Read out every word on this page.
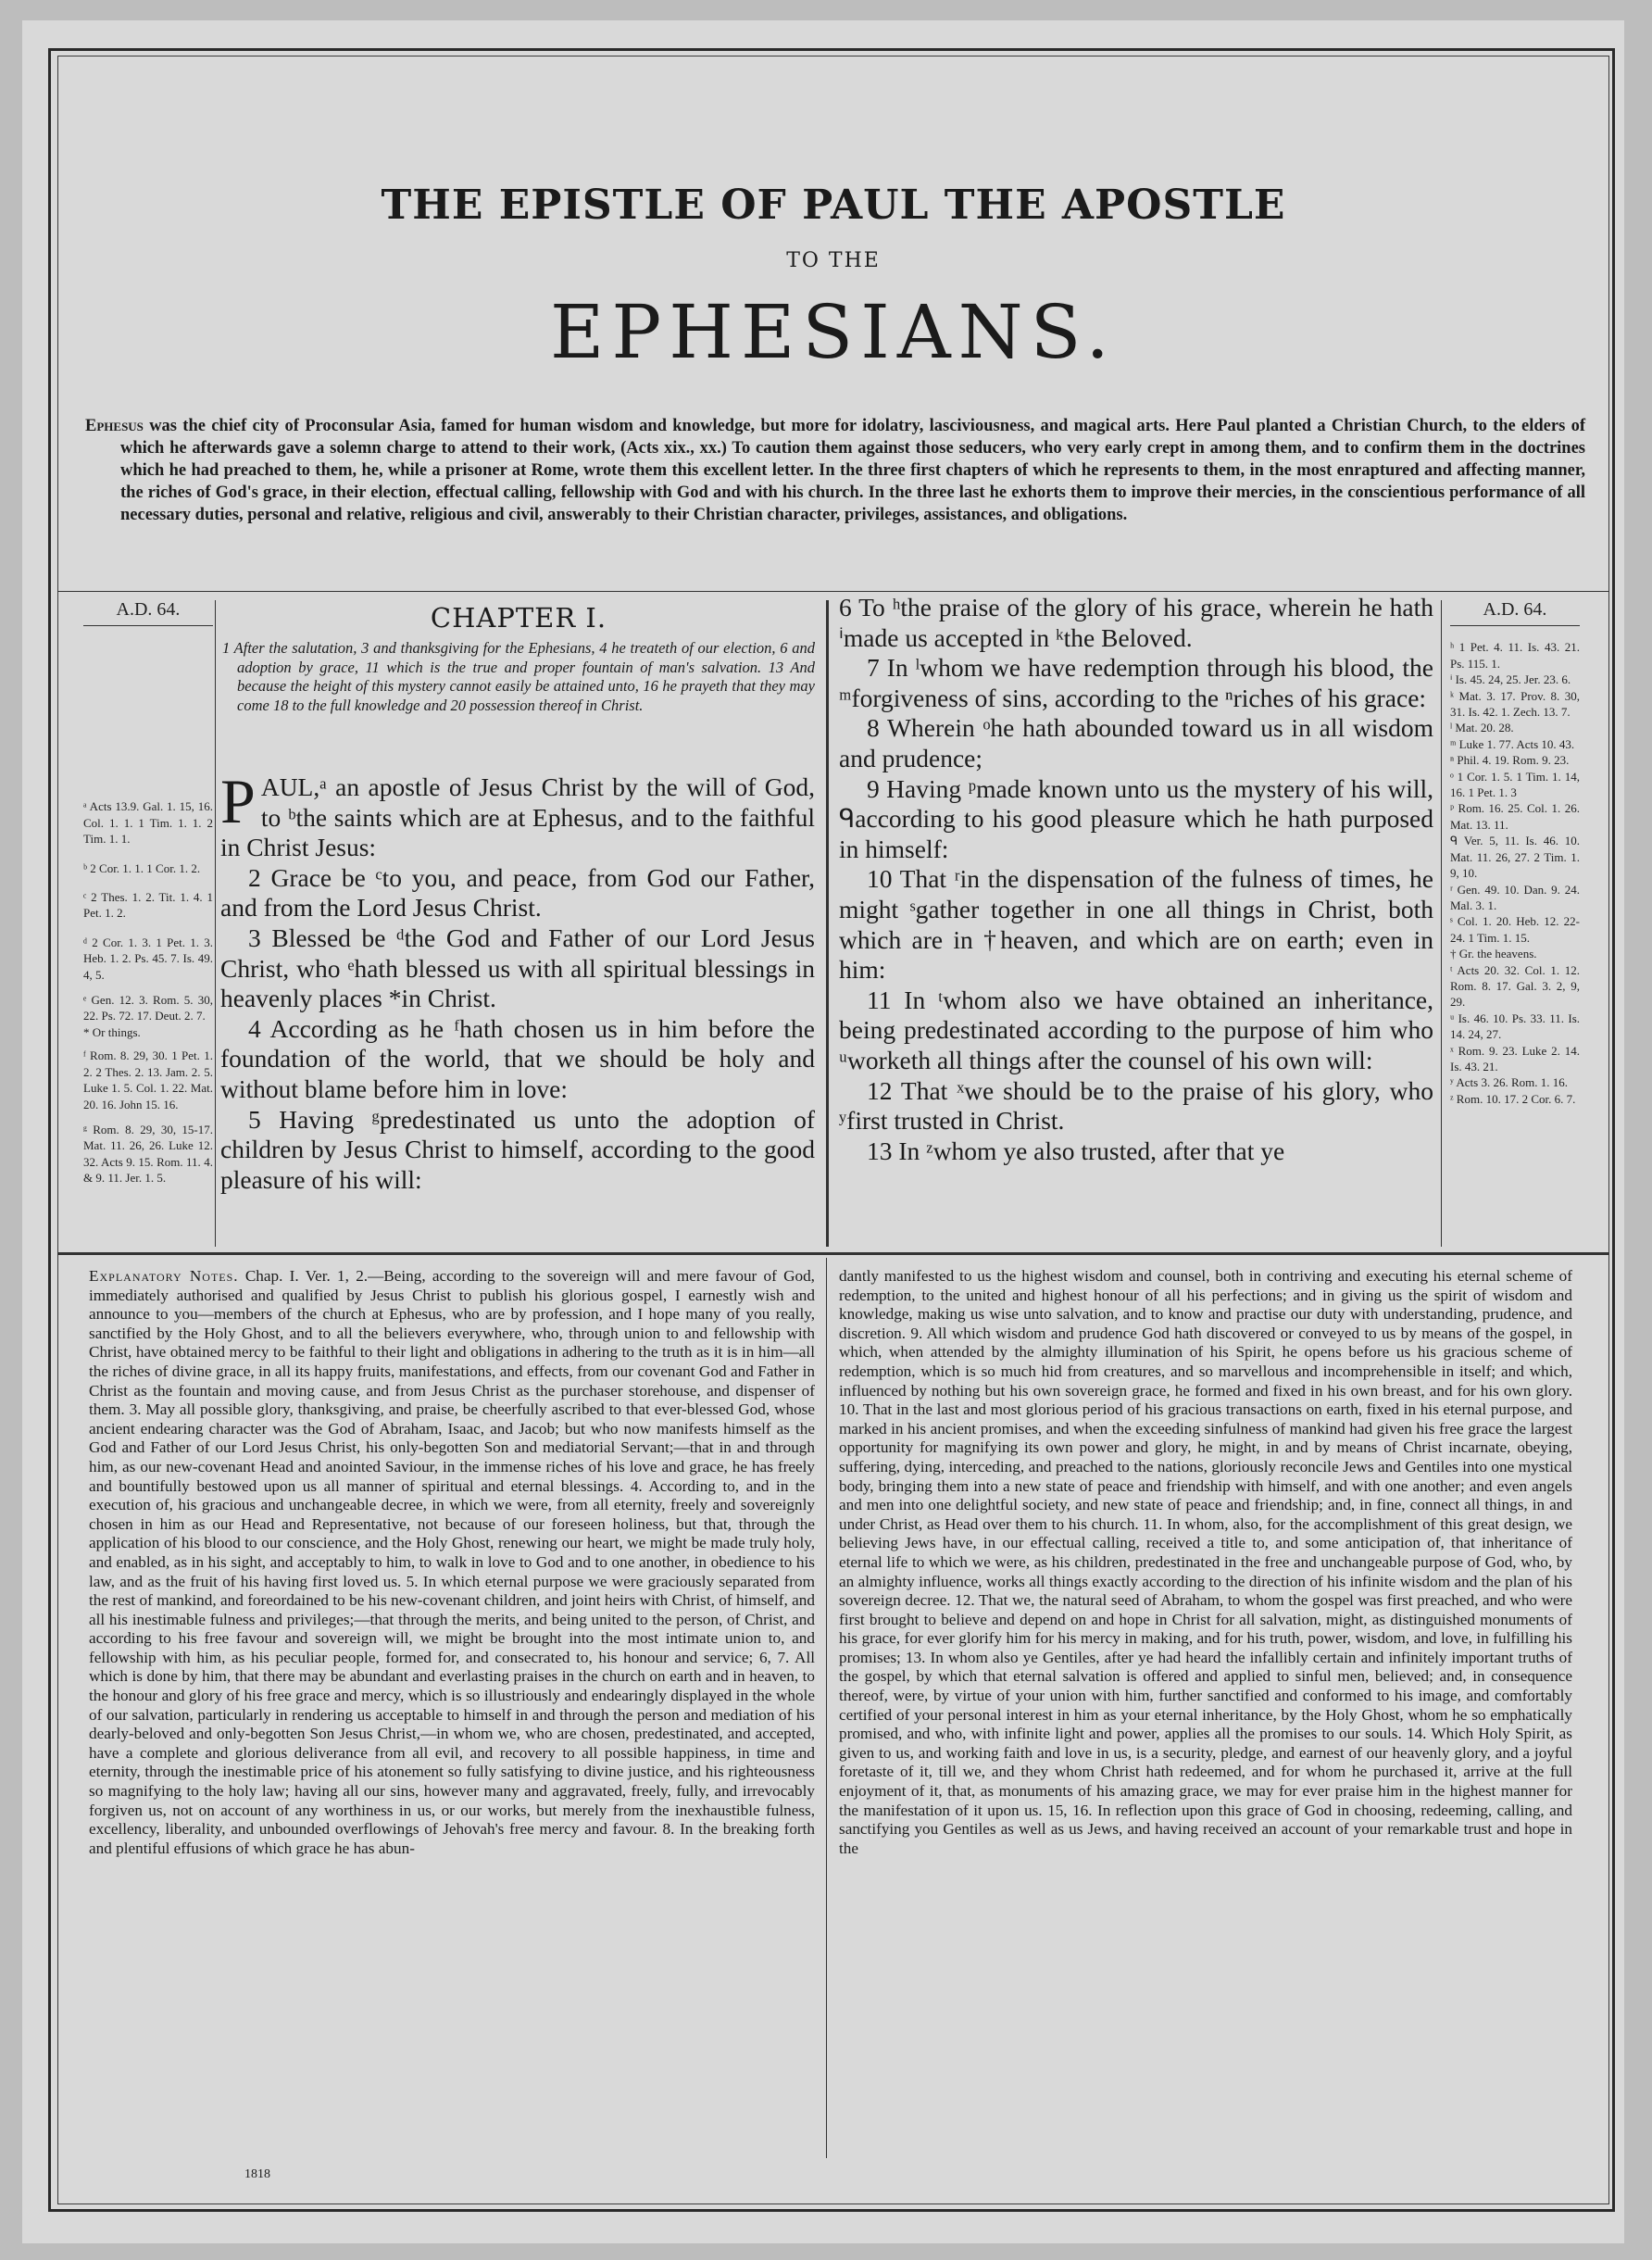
THE EPISTLE OF PAUL THE APOSTLE
TO THE
EPHESIANS.
Ephesus was the chief city of Proconsular Asia, famed for human wisdom and knowledge, but more for idolatry, lasciviousness, and magical arts. Here Paul planted a Christian Church, to the elders of which he afterwards gave a solemn charge to attend to their work, (Acts xix., xx.) To caution them against those seducers, who very early crept in among them, and to confirm them in the doctrines which he had preached to them, he, while a prisoner at Rome, wrote them this excellent letter. In the three first chapters of which he represents to them, in the most enraptured and affecting manner, the riches of God's grace, in their election, effectual calling, fellowship with God and with his church. In the three last he exhorts them to improve their mercies, in the conscientious performance of all necessary duties, personal and relative, religious and civil, answerably to their Christian character, privileges, assistances, and obligations.
A.D. 64.

ᵃ Acts 13.9. Gal. 1. 15, 16. Col. 1. 1. 1 Tim. 1. 1. 2 Tim. 1. 1.

ᵇ 2 Cor. 1. 1. 1 Cor. 1. 2.

ᶜ 2 Thes. 1. 2. Tit. 1. 4. 1 Pet. 1. 2.

ᵈ 2 Cor. 1. 3. 1 Pet. 1. 3. Heb. 1. 2. Ps. 45. 7. Is. 49. 4, 5.

ᵉ Gen. 12. 3. Rom. 5. 30, 22. Ps. 72. 17. Deut. 2. 7.

* Or things.

ᶠ Rom. 8. 29, 30. 1 Pet. 1. 2. 2 Thes. 2. 13. Jam. 2. 5. Luke 1. 5. Col. 1. 22. Mat. 20. 16. John 15. 16.

ᵍ Rom. 8. 29, 30, 15-17. Mat. 11. 26, 26. Luke 12. 32. Acts 9. 15. Rom. 11. 4. & 9. 11. Jer. 1. 5.

CHAPTER I.
1 After the salutation, 3 and thanksgiving for the Ephesians, 4 he treateth of our election, 6 and adoption by grace, 11 which is the true and proper fountain of man's salvation. 13 And because the height of this mystery cannot easily be attained unto, 16 he prayeth that they may come 18 to the full knowledge and 20 possession thereof in Christ.

PAUL,ᵃ an apostle of Jesus Christ by the will of God, to ᵇthe saints which are at Ephesus, and to the faithful in Christ Jesus:

2 Grace be ᶜto you, and peace, from God our Father, and from the Lord Jesus Christ.

3 Blessed be ᵈthe God and Father of our Lord Jesus Christ, who ᵉhath blessed us with all spiritual blessings in heavenly places *in Christ.

4 According as he ᶠhath chosen us in him before the foundation of the world, that we should be holy and without blame before him in love:

5 Having ᵍpredestinated us unto the adoption of children by Jesus Christ to himself, according to the good pleasure of his will:

6 To ʰthe praise of the glory of his grace, wherein he hath ⁱmade us accepted in ᵏthe Beloved.

7 In ˡwhom we have redemption through his blood, the ᵐforgiveness of sins, according to the ⁿriches of his grace:

8 Wherein ᵒhe hath abounded toward us in all wisdom and prudence;

9 Having ᵖmade known unto us the mystery of his will, ᑫaccording to his good pleasure which he hath purposed in himself:

10 That ʳin the dispensation of the fulness of times, he might ˢgather together in one all things in Christ, both which are in †heaven, and which are on earth; even in him:

11 In ᵗwhom also we have obtained an inheritance, being predestinated according to the purpose of him who ᵘworketh all things after the counsel of his own will:

12 That ˣwe should be to the praise of his glory, who ʸfirst trusted in Christ.

13 In ᶻwhom ye also trusted, after that ye

A.D. 64.

ʰ 1 Pet. 4. 11. Is. 43. 21. Ps. 115. 1.

ⁱ Is. 45. 24, 25. Jer. 23. 6.

ᵏ Mat. 3. 17. Prov. 8. 30, 31. Is. 42. 1. Zech. 13. 7.

ˡ Mat. 20. 28.

ᵐ Luke 1. 77. Acts 10. 43.

ⁿ Phil. 4. 19. Rom. 9. 23.

ᵒ 1 Cor. 1. 5. 1 Tim. 1. 14, 16. 1 Pet. 1. 3

ᵖ Rom. 16. 25. Col. 1. 26. Mat. 13. 11.

ᑫ Ver. 5, 11. Is. 46. 10. Mat. 11. 26, 27. 2 Tim. 1. 9, 10.

ʳ Gen. 49. 10. Dan. 9. 24. Mal. 3. 1.

ˢ Col. 1. 20. Heb. 12. 22-24. 1 Tim. 1. 15.

† Gr. the heavens.

ᵗ Acts 20. 32. Col. 1. 12. Rom. 8. 17. Gal. 3. 2, 9, 29.

ᵘ Is. 46. 10. Ps. 33. 11. Is. 14. 24, 27.

ˣ Rom. 9. 23. Luke 2. 14. Is. 43. 21.

ʸ Acts 3. 26. Rom. 1. 16.

ᶻ Rom. 10. 17. 2 Cor. 6. 7.

Explanatory Notes. Chap. I. Ver. 1, 2.—Being, according to the sovereign will and mere favour of God, immediately authorised and qualified by Jesus Christ to publish his glorious gospel, I earnestly wish and announce to you—members of the church at Ephesus, who are by profession, and I hope many of you really, sanctified by the Holy Ghost, and to all the believers everywhere, who, through union to and fellowship with Christ, have obtained mercy to be faithful to their light and obligations in adhering to the truth as it is in him—all the riches of divine grace, in all its happy fruits, manifestations, and effects, from our covenant God and Father in Christ as the fountain and moving cause, and from Jesus Christ as the purchaser storehouse, and dispenser of them. 3. May all possible glory, thanksgiving, and praise, be cheerfully ascribed to that ever-blessed God, whose ancient endearing character was the God of Abraham, Isaac, and Jacob; but who now manifests himself as the God and Father of our Lord Jesus Christ, his only-begotten Son and mediatorial Servant;—that in and through him, as our new-covenant Head and anointed Saviour, in the immense riches of his love and grace, he has freely and bountifully bestowed upon us all manner of spiritual and eternal blessings. 4. According to, and in the execution of, his gracious and unchangeable decree, in which we were, from all eternity, freely and sovereignly chosen in him as our Head and Representative, not because of our foreseen holiness, but that, through the application of his blood to our conscience, and the Holy Ghost, renewing our heart, we might be made truly holy, and enabled, as in his sight, and acceptably to him, to walk in love to God and to one another, in obedience to his law, and as the fruit of his having first loved us. 5. In which eternal purpose we were graciously separated from the rest of mankind, and foreordained to be his new-covenant children, and joint heirs with Christ, of himself, and all his inestimable fulness and privileges;—that through the merits, and being united to the person, of Christ, and according to his free favour and sovereign will, we might be brought into the most intimate union to, and fellowship with him, as his peculiar people, formed for, and consecrated to, his honour and service; 6, 7. All which is done by him, that there may be abundant and everlasting praises in the church on earth and in heaven, to the honour and glory of his free grace and mercy, which is so illustriously and endearingly displayed in the whole of our salvation, particularly in rendering us acceptable to himself in and through the person and mediation of his dearly-beloved and only-begotten Son Jesus Christ,—in whom we, who are chosen, predestinated, and accepted, have a complete and glorious deliverance from all evil, and recovery to all possible happiness, in time and eternity, through the inestimable price of his atonement so fully satisfying to divine justice, and his righteousness so magnifying to the holy law; having all our sins, however many and aggravated, freely, fully, and irrevocably forgiven us, not on account of any worthiness in us, or our works, but merely from the inexhaustible fulness, excellency, liberality, and unbounded overflowings of Jehovah's free mercy and favour. 8. In the breaking forth and plentiful effusions of which grace he has abun-
dantly manifested to us the highest wisdom and counsel, both in contriving and executing his eternal scheme of redemption, to the united and highest honour of all his perfections; and in giving us the spirit of wisdom and knowledge, making us wise unto salvation, and to know and practise our duty with understanding, prudence, and discretion. 9. All which wisdom and prudence God hath discovered or conveyed to us by means of the gospel, in which, when attended by the almighty illumination of his Spirit, he opens before us his gracious scheme of redemption, which is so much hid from creatures, and so marvellous and incomprehensible in itself; and which, influenced by nothing but his own sovereign grace, he formed and fixed in his own breast, and for his own glory. 10. That in the last and most glorious period of his gracious transactions on earth, fixed in his eternal purpose, and marked in his ancient promises, and when the exceeding sinfulness of mankind had given his free grace the largest opportunity for magnifying its own power and glory, he might, in and by means of Christ incarnate, obeying, suffering, dying, interceding, and preached to the nations, gloriously reconcile Jews and Gentiles into one mystical body, bringing them into a new state of peace and friendship with himself, and with one another; and even angels and men into one delightful society, and new state of peace and friendship; and, in fine, connect all things, in and under Christ, as Head over them to his church. 11. In whom, also, for the accomplishment of this great design, we believing Jews have, in our effectual calling, received a title to, and some anticipation of, that inheritance of eternal life to which we were, as his children, predestinated in the free and unchangeable purpose of God, who, by an almighty influence, works all things exactly according to the direction of his infinite wisdom and the plan of his sovereign decree. 12. That we, the natural seed of Abraham, to whom the gospel was first preached, and who were first brought to believe and depend on and hope in Christ for all salvation, might, as distinguished monuments of his grace, for ever glorify him for his mercy in making, and for his truth, power, wisdom, and love, in fulfilling his promises; 13. In whom also ye Gentiles, after ye had heard the infallibly certain and infinitely important truths of the gospel, by which that eternal salvation is offered and applied to sinful men, believed; and, in consequence thereof, were, by virtue of your union with him, further sanctified and conformed to his image, and comfortably certified of your personal interest in him as your eternal inheritance, by the Holy Ghost, whom he so emphatically promised, and who, with infinite light and power, applies all the promises to our souls. 14. Which Holy Spirit, as given to us, and working faith and love in us, is a security, pledge, and earnest of our heavenly glory, and a joyful foretaste of it, till we, and they whom Christ hath redeemed, and for whom he purchased it, arrive at the full enjoyment of it, that, as monuments of his amazing grace, we may for ever praise him in the highest manner for the manifestation of it upon us. 15, 16. In reflection upon this grace of God in choosing, redeeming, calling, and sanctifying you Gentiles as well as us Jews, and having received an account of your remarkable trust and hope in the
1818
